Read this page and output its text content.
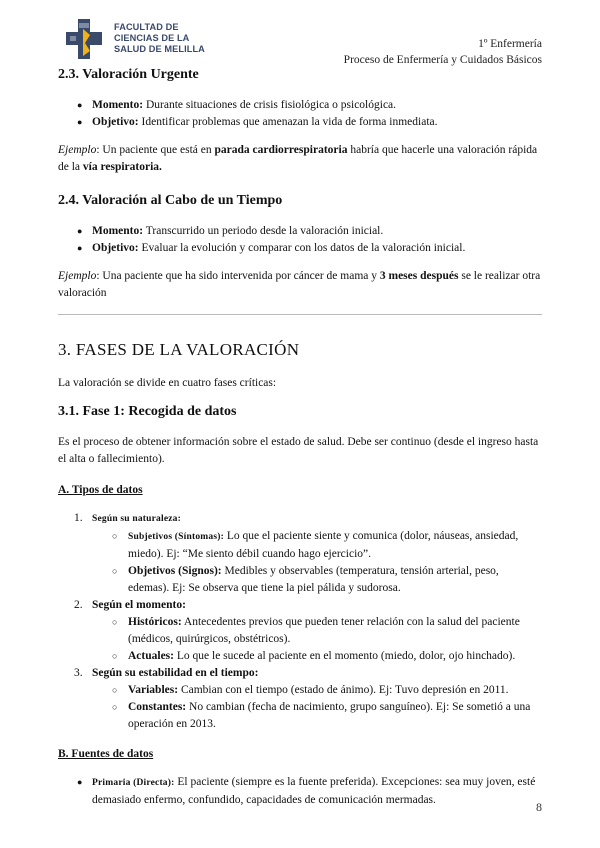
FACULTAD DE
CIENCIAS DE LA
SALUD DE MELILLA	1º Enfermería
Proceso de Enfermería y Cuidados Básicos
2.3. Valoración Urgente
● Momento: Durante situaciones de crisis fisiológica o psicológica.
● Objetivo: Identificar problemas que amenazan la vida de forma inmediata.

Ejemplo: Un paciente que está en parada cardiorrespiratoria habría que hacerle una valoración rápida de la vía respiratoria.

2.4. Valoración al Cabo de un Tiempo
● Momento: Transcurrido un periodo desde la valoración inicial.
● Objetivo: Evaluar la evolución y comparar con los datos de la valoración inicial.

Ejemplo: Una paciente que ha sido intervenida por cáncer de mama y 3 meses después se le realizar otra valoración

3. FASES DE LA VALORACIÓN

La valoración se divide en cuatro fases críticas:

3.1. Fase 1: Recogida de datos

Es el proceso de obtener información sobre el estado de salud. Debe ser continuo (desde el ingreso hasta el alta o fallecimiento).

A. Tipos de datos

1. Según su naturaleza:
○ Subjetivos (Síntomas): Lo que el paciente siente y comunica (dolor, náuseas, ansiedad, miedo). Ej: “Me siento débil cuando hago ejercicio”.
○ Objetivos (Signos): Medibles y observables (temperatura, tensión arterial, peso, edemas). Ej: Se observa que tiene la piel pálida y sudorosa.
2. Según el momento:
○ Históricos: Antecedentes previos que pueden tener relación con la salud del paciente (médicos, quirúrgicos, obstétricos).
○ Actuales: Lo que le sucede al paciente en el momento (miedo, dolor, ojo hinchado).
3. Según su estabilidad en el tiempo:
○ Variables: Cambian con el tiempo (estado de ánimo). Ej: Tuvo depresión en 2011.
○ Constantes: No cambian (fecha de nacimiento, grupo sanguíneo). Ej: Se sometió a una operación en 2013.

B. Fuentes de datos

● Primaria (Directa): El paciente (siempre es la fuente preferida). Excepciones: sea muy joven, esté demasiado enfermo, confundido, capacidades de comunicación mermadas.	8
